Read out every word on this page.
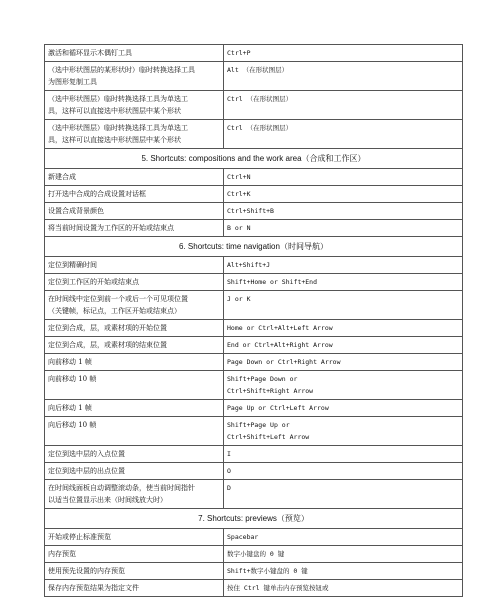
激活和循环显示木偶钉工具	Ctrl+P

（选中形状图层的某形状时）临时转换选择工具
为图形复制工具	Alt （在形状图层）

（选中形状图层）临时转换选择工具为单选工
具，这样可以直接选中形状图层中某个形状	Ctrl （在形状图层）

（选中形状图层）临时转换选择工具为单选工
具，这样可以直接选中形状图层中某个形状	Ctrl （在形状图层）

5. Shortcuts: compositions and the work area（合成和工作区）	

新建合成	Ctrl+N

打开选中合成的合成设置对话框	Ctrl+K

设置合成背景颜色	Ctrl+Shift+B

将当前时间设置为工作区的开始或结束点	B or N

6. Shortcuts: time navigation（时间导航）	

定位到精确时间	Alt+Shift+J

定位到工作区的开始或结束点	Shift+Home or Shift+End

在时间线中定位到前一个或后一个可见项位置
（关键帧，标记点，工作区开始或结束点）	J or K

定位到合成，层，或素材项的开始位置	Home or Ctrl+Alt+Left Arrow

定位到合成，层，或素材项的结束位置	End or Ctrl+Alt+Right Arrow

向前移动 1 帧	Page Down or Ctrl+Right Arrow

向前移动 10 帧	Shift+Page Down or
Ctrl+Shift+Right Arrow

向后移动 1 帧	Page Up or Ctrl+Left Arrow

向后移动 10 帧	Shift+Page Up or
Ctrl+Shift+Left Arrow

定位到选中层的入点位置	I

定位到选中层的出点位置	O

在时间线面板自动调整滚动条，使当前时间指针
以适当位置显示出来（时间线放大时）	D

7. Shortcuts: previews（预览）	

开始或停止标准预览	Spacebar

内存预览	数字小键盘的 0 键

使用预先设置的内存预览	Shift+数字小键盘的 0 键

保存内存预览结果为指定文件	按住 Ctrl 键单击内存预览按钮或
